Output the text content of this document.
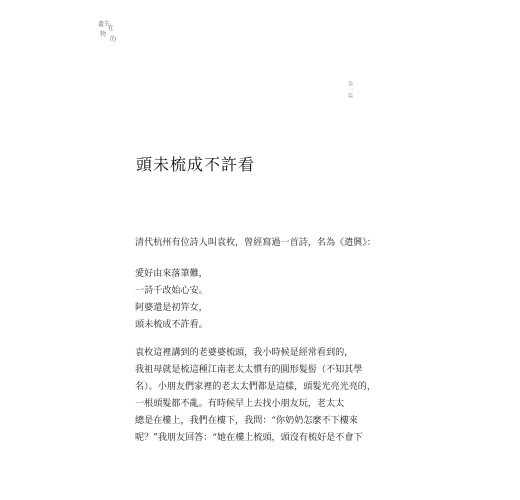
遺 失
在
物
的
第一篇
頭未梳成不許看

清代杭州有位詩人叫袁枚，曾經寫過一首詩，名為《遣興》：

愛好由來落筆難，

一詩千改始心安。

阿婆還是初笄女，

頭未梳成不許看。

袁枚這裡講到的老婆婆梳頭，我小時候是經常看到的，

我祖母就是梳這種江南老太太慣有的圓形髮髻（不知其學

名）。小朋友們家裡的老太太們都是這樣，頭髮光亮光亮的，

一根頭髮都不亂。有時候早上去找小朋友玩，老太太

總是在樓上，我們在樓下，我問：“你奶奶怎麼不下樓來

呢？”我朋友回答：“她在樓上梳頭，頭沒有梳好是不會下
